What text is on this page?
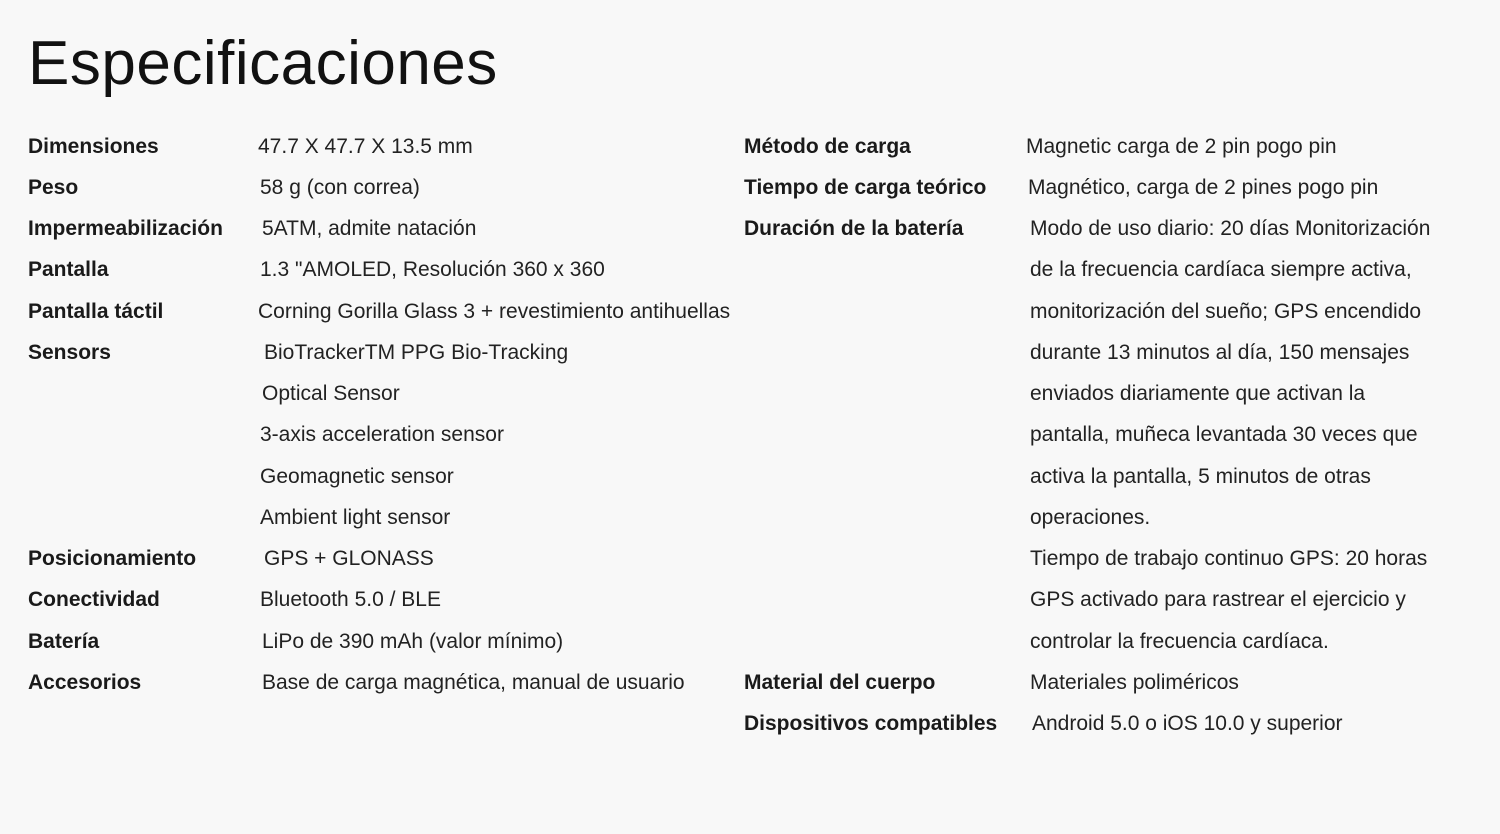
Especificaciones
Dimensiones	47.7 X 47.7 X 13.5 mm
Peso	58 g (con correa)
Impermeabilización 5ATM, admite natación
Pantalla	1.3 "AMOLED, Resolución 360 x 360
Pantalla táctil	Corning Gorilla Glass 3 + revestimiento antihuellas
Sensors	BioTrackerTM PPG Bio-Tracking
Optical Sensor
3-axis acceleration sensor
Geomagnetic sensor
Ambient light sensor
Posicionamiento	GPS + GLONASS
Conectividad	Bluetooth 5.0 / BLE
Batería	LiPo de 390 mAh (valor mínimo)
Accesorios	Base de carga magnética, manual de usuario
Método de carga	Magnetic carga de 2 pin pogo pin
Tiempo de carga teórico Magnético, carga de 2 pines pogo pin
Duración de la batería	Modo de uso diario: 20 días Monitorización
de la frecuencia cardíaca siempre activa,
monitorización del sueño; GPS encendido
durante 13 minutos al día, 150 mensajes
enviados diariamente que activan la
pantalla, muñeca levantada 30 veces que
activa la pantalla, 5 minutos de otras
operaciones.
Tiempo de trabajo continuo GPS: 20 horas
GPS activado para rastrear el ejercicio y
controlar la frecuencia cardíaca.
Material del cuerpo	Materiales poliméricos
Dispositivos compatibles Android 5.0 o iOS 10.0 y superior
